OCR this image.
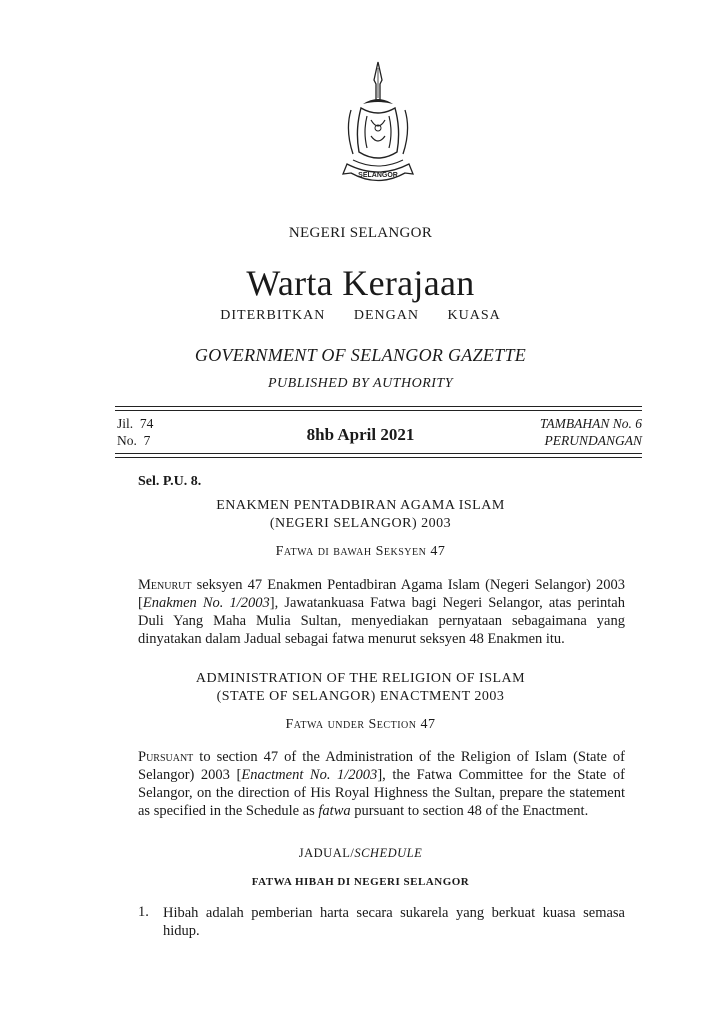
SELANGOR
NEGERI SELANGOR
Warta Kerajaan
DITERBITKAN   DENGAN   KUASA
GOVERNMENT OF SELANGOR GAZETTE
PUBLISHED BY AUTHORITY
Jil.  74
No.  7	8hb April 2021
TAMBAHAN No. 6
PERUNDANGAN
Sel. P.U. 8.
ENAKMEN PENTADBIRAN AGAMA ISLAM
(NEGERI SELANGOR) 2003
Fatwa di bawah Seksyen 47
Menurut seksyen 47 Enakmen Pentadbiran Agama Islam (Negeri Selangor) 2003 [Enakmen No. 1/2003], Jawatankuasa Fatwa bagi Negeri Selangor, atas perintah Duli Yang Maha Mulia Sultan, menyediakan pernyataan sebagaimana yang dinyatakan dalam Jadual sebagai fatwa menurut seksyen 48 Enakmen itu.
ADMINISTRATION OF THE RELIGION OF ISLAM
(STATE OF SELANGOR) ENACTMENT 2003
Fatwa under Section 47
Pursuant to section 47 of the Administration of the Religion of Islam (State of Selangor) 2003 [Enactment No. 1/2003], the Fatwa Committee for the State of Selangor, on the direction of His Royal Highness the Sultan, prepare the statement as specified in the Schedule as fatwa pursuant to section 48 of the Enactment.
JADUAL/SCHEDULE
FATWA HIBAH DI NEGERI SELANGOR
1. Hibah adalah pemberian harta secara sukarela yang berkuat kuasa semasa hidup.
